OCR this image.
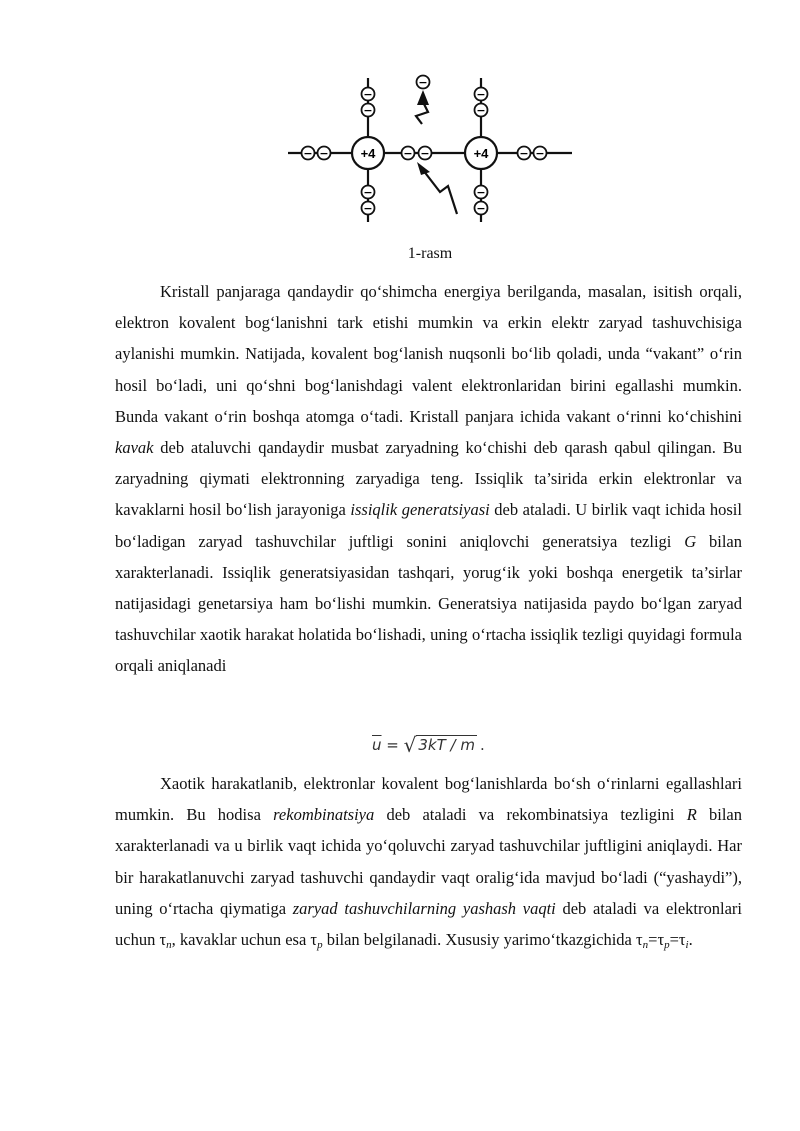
+4	+4
− −	− −	− −
−
−
−
−
−
−
−
−
−
1-rasm

Kristall panjaraga qandaydir qo‘shimcha energiya berilganda, masalan, isitish orqali, elektron kovalent bog‘lanishni tark etishi mumkin va erkin elektr zaryad tashuvchisiga aylanishi mumkin. Natijada, kovalent bog‘lanish nuqsonli bo‘lib qoladi, unda “vakant” o‘rin hosil bo‘ladi, uni qo‘shni bog‘lanishdagi valent elektronlaridan birini egallashi mumkin. Bunda vakant o‘rin boshqa atomga o‘tadi. Kristall panjara ichida vakant o‘rinni ko‘chishini kavak deb ataluvchi qandaydir musbat zaryadning ko‘chishi deb qarash qabul qilingan. Bu zaryadning qiymati elektronning zaryadiga teng. Issiqlik ta’sirida erkin elektronlar va kavaklarni hosil bo‘lish jarayoniga issiqlik generatsiyasi deb ataladi. U birlik vaqt ichida hosil bo‘ladigan zaryad tashuvchilar juftligi sonini aniqlovchi generatsiya tezligi G bilan xarakterlanadi. Issiqlik generatsiyasidan tashqari, yorug‘ik yoki boshqa energetik ta’sirlar natijasidagi genetarsiya ham bo‘lishi mumkin. Generatsiya natijasida paydo bo‘lgan zaryad tashuvchilar xaotik harakat holatida bo‘lishadi, uning o‘rtacha issiqlik tezligi quyidagi formula orqali aniqlanadi

$\overline{u}$ = √ 3kT / m .

Xaotik harakatlanib, elektronlar kovalent bog‘lanishlarda bo‘sh o‘rinlarni egallashlari mumkin. Bu hodisa rekombinatsiya deb ataladi va rekombinatsiya tezligini R bilan xarakterlanadi va u birlik vaqt ichida yo‘qoluvchi zaryad tashuvchilar juftligini aniqlaydi. Har bir harakatlanuvchi zaryad tashuvchi qandaydir vaqt oralig‘ida mavjud bo‘ladi (“yashaydi”), uning o‘rtacha qiymatiga zaryad tashuvchilarning yashash vaqti deb ataladi va elektronlari uchun $\tau_n$, kavaklar uchun esa $\tau_p$ bilan belgilanadi. Xususiy yarimo‘tkazgichida $\tau_n=\tau_p=\tau_i$.
